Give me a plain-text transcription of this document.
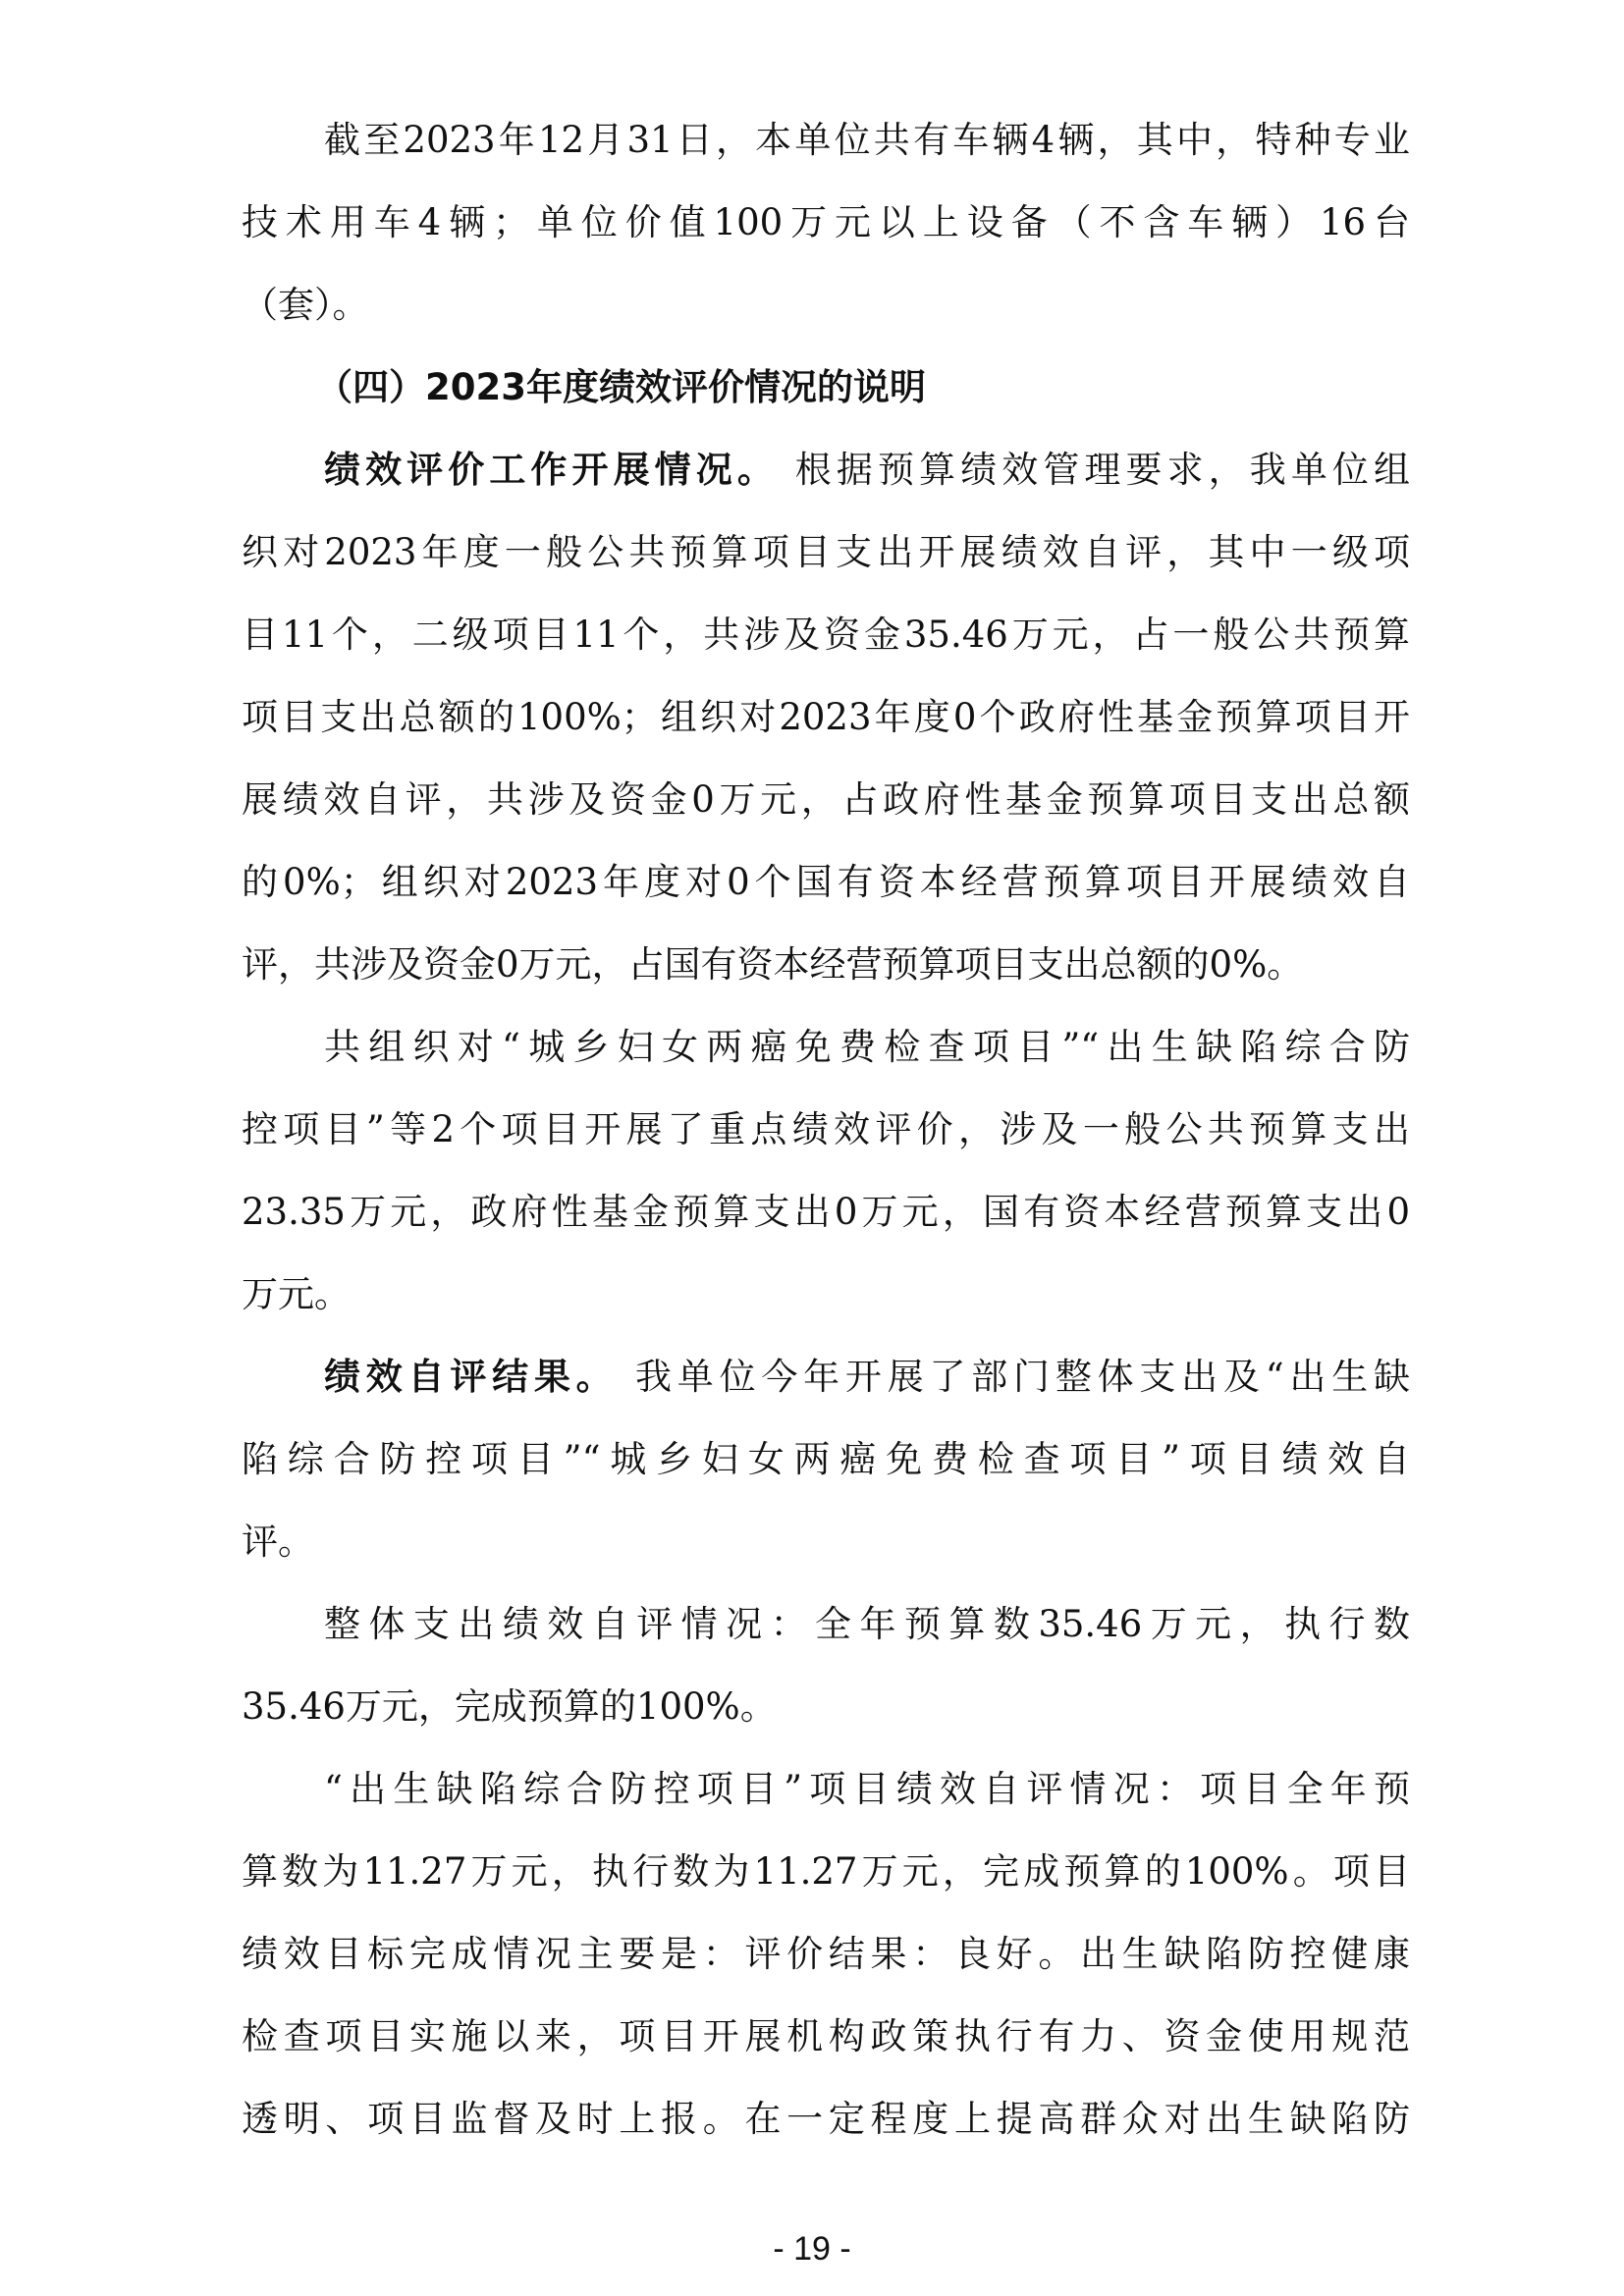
截至2023年12月31日，本单位共有车辆4辆，其中，特种专业
技术用车4辆；单位价值100万元以上设备（不含车辆）16台
（套）。
（四）2023年度绩效评价情况的说明
绩效评价工作开展情况。 根据预算绩效管理要求，我单位组
织对2023年度一般公共预算项目支出开展绩效自评，其中一级项
目11个，二级项目11个，共涉及资金35.46万元，占一般公共预算
项目支出总额的100%；组织对2023年度0个政府性基金预算项目开
展绩效自评，共涉及资金0万元，占政府性基金预算项目支出总额
的0%；组织对2023年度对0个国有资本经营预算项目开展绩效自
评，共涉及资金0万元，占国有资本经营预算项目支出总额的0%。
共组织对“城乡妇女两癌免费检查项目”“出生缺陷综合防
控项目”等2个项目开展了重点绩效评价，涉及一般公共预算支出
23.35万元，政府性基金预算支出0万元，国有资本经营预算支出0
万元。
绩效自评结果。 我单位今年开展了部门整体支出及“出生缺
陷综合防控项目”“城乡妇女两癌免费检查项目”项目绩效自
评。
整体支出绩效自评情况：全年预算数35.46万元，执行数
35.46万元，完成预算的100%。
“出生缺陷综合防控项目”项目绩效自评情况：项目全年预
算数为11.27万元，执行数为11.27万元，完成预算的100%。项目
绩效目标完成情况主要是：评价结果：良好。出生缺陷防控健康
检查项目实施以来，项目开展机构政策执行有力、资金使用规范
透明、项目监督及时上报。在一定程度上提高群众对出生缺陷防
- 19 -
